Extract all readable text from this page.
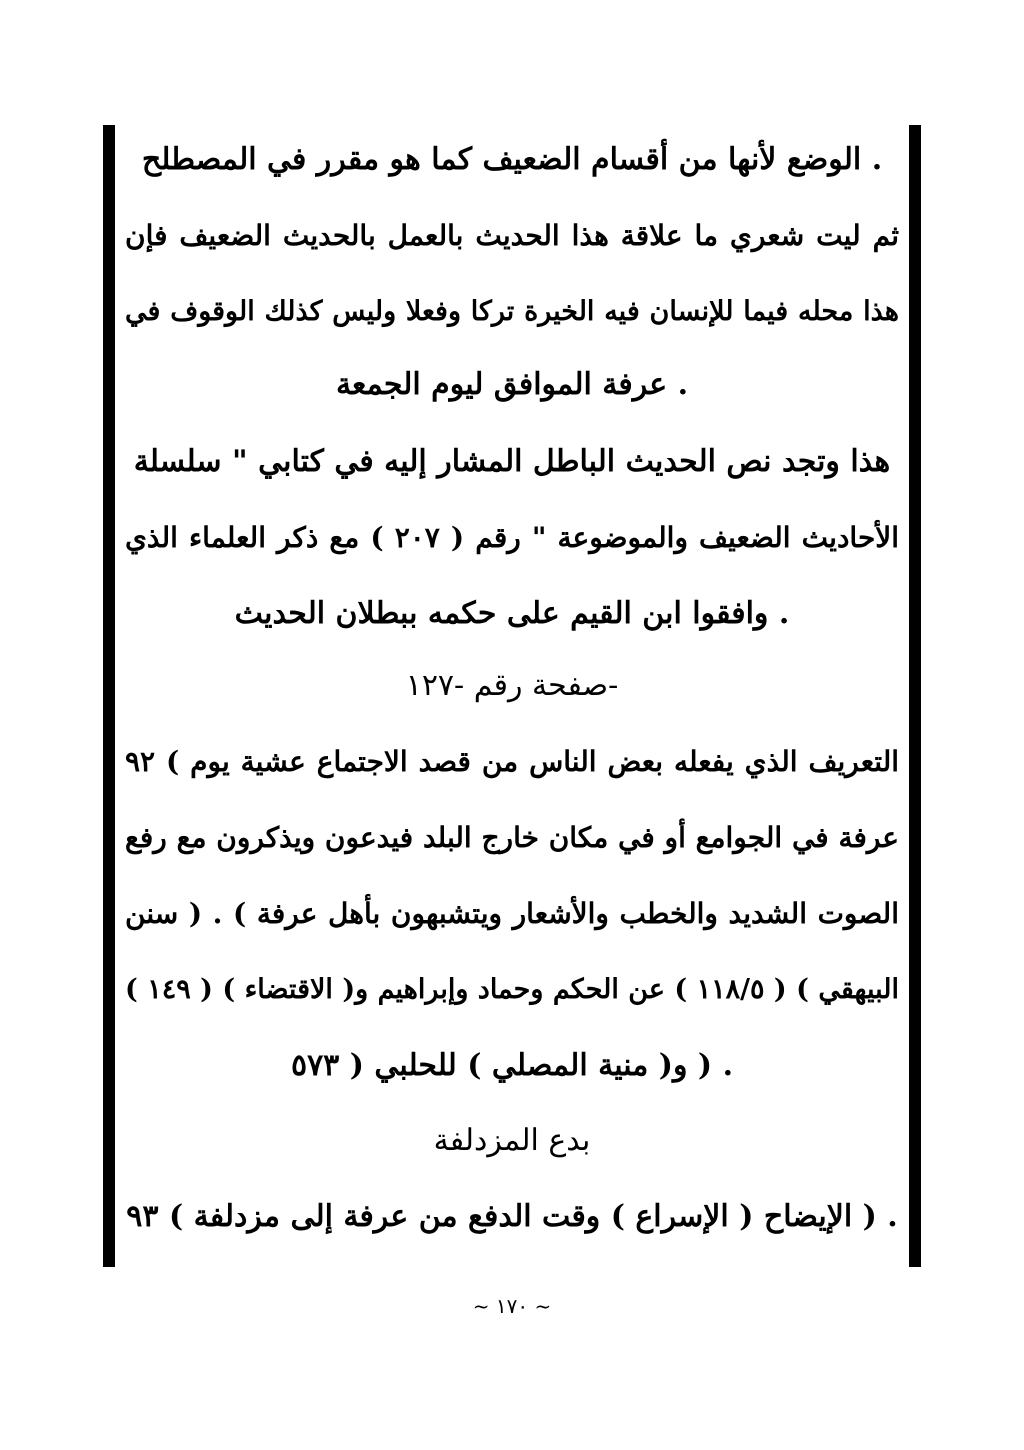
. الوضع لأنها من أقسام الضعيف كما هو مقرر في المصطلح
ثم ليت شعري ما علاقة هذا الحديث بالعمل بالحديث الضعيف فإن
هذا محله فيما للإنسان فيه الخيرة تركا وفعلا وليس كذلك الوقوف في
. عرفة الموافق ليوم الجمعة
هذا وتجد نص الحديث الباطل المشار إليه في كتابي " سلسلة
الأحاديث الضعيف والموضوعة " رقم ( ٢٠٧ ) مع ذكر العلماء الذي
. وافقوا ابن القيم على حكمه ببطلان الحديث
-صفحة رقم -١٢٧
التعريف الذي يفعله بعض الناس من قصد الاجتماع عشية يوم ) ٩٢
عرفة في الجوامع أو في مكان خارج البلد فيدعون ويذكرون مع رفع
الصوت الشديد والخطب والأشعار ويتشبهون بأهل عرفة ) . ( سنن
البيهقي ) ( ١١٨/٥ ) عن الحكم وحماد وإبراهيم و( الاقتضاء ) ( ١٤٩ )
. ( و( منية المصلي ) للحلبي ( ٥٧٣
بدع المزدلفة
. ( الإيضاح ( الإسراع ) وقت الدفع من عرفة إلى مزدلفة ) ٩٣
~ ١٧٠ ~
